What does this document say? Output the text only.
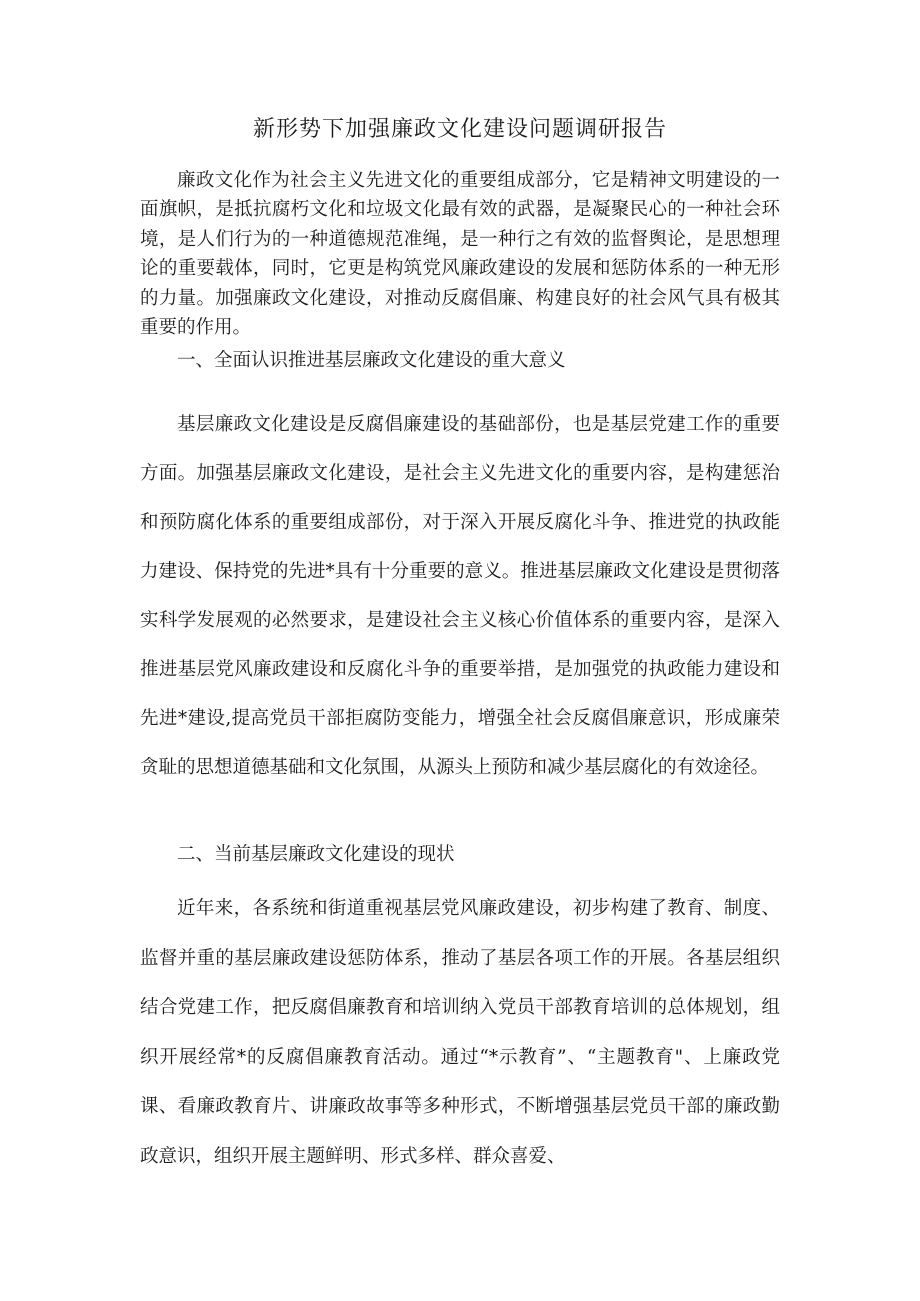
新形势下加强廉政文化建设问题调研报告

廉政文化作为社会主义先进文化的重要组成部分，它是精神文明建设的一面旗帜，是抵抗腐朽文化和垃圾文化最有效的武器，是凝聚民心的一种社会环境，是人们行为的一种道德规范准绳，是一种行之有效的监督舆论，是思想理论的重要载体，同时，它更是构筑党风廉政建设的发展和惩防体系的一种无形的力量。加强廉政文化建设，对推动反腐倡廉、构建良好的社会风气具有极其重要的作用。

一、全面认识推进基层廉政文化建设的重大意义

基层廉政文化建设是反腐倡廉建设的基础部份，也是基层党建工作的重要方面。加强基层廉政文化建设，是社会主义先进文化的重要内容，是构建惩治和预防腐化体系的重要组成部份，对于深入开展反腐化斗争、推进党的执政能力建设、保持党的先进*具有十分重要的意义。推进基层廉政文化建设是贯彻落实科学发展观的必然要求，是建设社会主义核心价值体系的重要内容，是深入推进基层党风廉政建设和反腐化斗争的重要举措，是加强党的执政能力建设和先进*建设,提高党员干部拒腐防变能力，增强全社会反腐倡廉意识，形成廉荣贪耻的思想道德基础和文化氛围，从源头上预防和减少基层腐化的有效途径。

二、当前基层廉政文化建设的现状

近年来，各系统和街道重视基层党风廉政建设，初步构建了教育、制度、监督并重的基层廉政建设惩防体系，推动了基层各项工作的开展。各基层组织结合党建工作，把反腐倡廉教育和培训纳入党员干部教育培训的总体规划，组织开展经常*的反腐倡廉教育活动。通过“*示教育”、“主题教育"、上廉政党课、看廉政教育片、讲廉政故事等多种形式，不断增强基层党员干部的廉政勤政意识，组织开展主题鲜明、形式多样、群众喜爱、
